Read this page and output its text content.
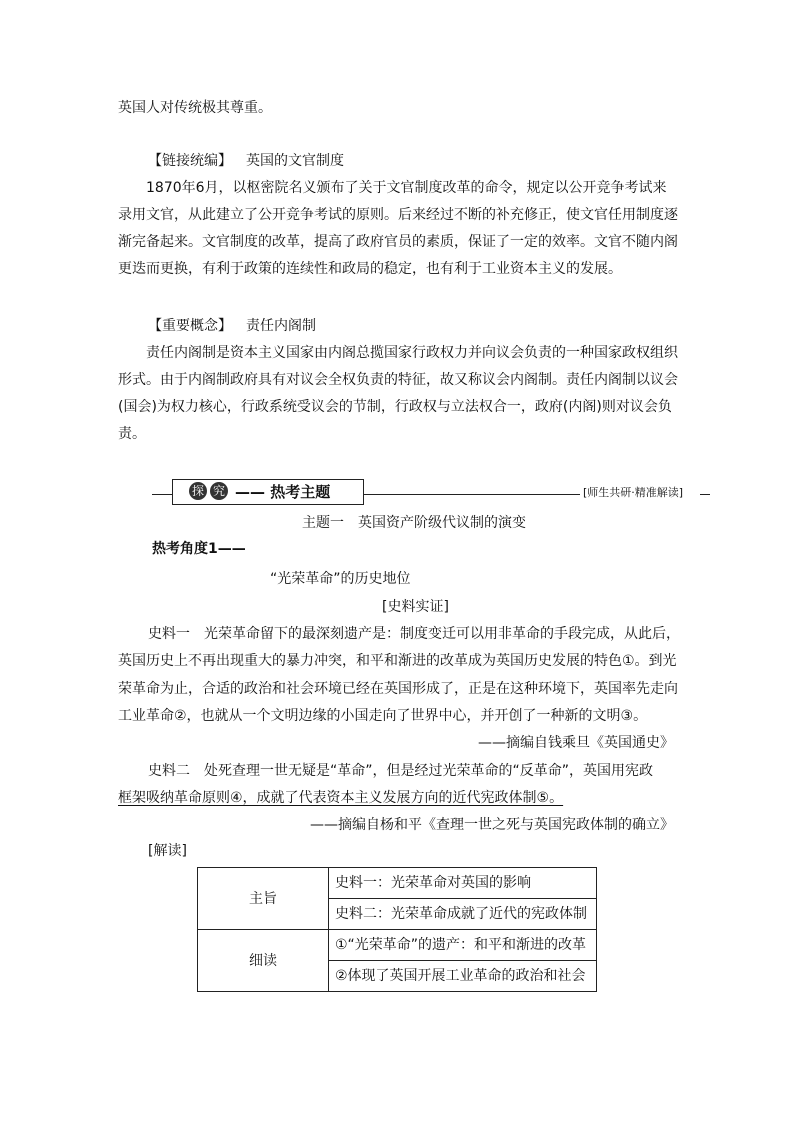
英国人对传统极其尊重。
【链接统编】 英国的文官制度

1870年6月，以枢密院名义颁布了关于文官制度改革的命令，规定以公开竞争考试来录用文官，从此建立了公开竞争考试的原则。后来经过不断的补充修正，使文官任用制度逐渐完备起来。文官制度的改革，提高了政府官员的素质，保证了一定的效率。文官不随内阁更迭而更换，有利于政策的连续性和政局的稳定，也有利于工业资本主义的发展。

【重要概念】 责任内阁制

责任内阁制是资本主义国家由内阁总揽国家行政权力并向议会负责的一种国家政权组织形式。由于内阁制政府具有对议会全权负责的特征，故又称议会内阁制。责任内阁制以议会(国会)为权力核心，行政系统受议会的节制，行政权与立法权合一，政府(内阁)则对议会负责。

探 究 —— 热考主题	[师生共研·精准解读]
主题一　英国资产阶级代议制的演变
热考角度1——
“光荣革命”的历史地位
[史料实证]
史料一　光荣革命留下的最深刻遗产是：制度变迁可以用非革命的手段完成，从此后，
英国历史上不再出现重大的暴力冲突，和平和渐进的改革成为英国历史发展的特色①。到光
荣革命为止，合适的政治和社会环境已经在英国形成了，正是在这种环境下，英国率先走向
工业革命②，也就从一个文明边缘的小国走向了世界中心，并开创了一种新的文明③。
——摘编自钱乘旦《英国通史》
史料二　处死查理一世无疑是“革命”，但是经过光荣革命的“反革命”，英国用宪政
框架吸纳革命原则④，成就了代表资本主义发展方向的近代宪政体制⑤。
——摘编自杨和平《查理一世之死与英国宪政体制的确立》
[解读]
主旨	史料一：光荣革命对英国的影响
	史料二：光荣革命成就了近代的宪政体制
细读	①“光荣革命”的遗产：和平和渐进的改革
	②体现了英国开展工业革命的政治和社会
